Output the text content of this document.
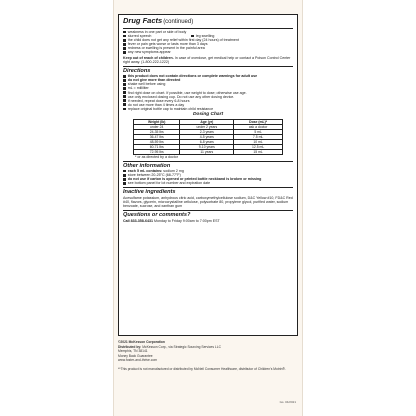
Drug Facts (continued)
weakness in one part or side of body
slurred speech	leg swelling
the child does not get any relief within first day (24 hours) of treatment
fever or pain gets worse or lasts more than 3 days
redness or swelling is present in the painful area
any new symptoms appear
Keep out of reach of children. In case of overdose, get medical help or contact a Poison Control Center right away. (1-800-222-1222)
Directions
this product does not contain directions or complete warnings for adult use
do not give more than directed
shake well before using
mL = milliliter
find right dose on chart. If possible, use weight to dose; otherwise use age.
use only enclosed dosing cup. Do not use any other dosing device.
if needed, repeat dose every 6-8 hours
do not use more than 4 times a day
replace original bottle cap to maintain child resistance
Dosing Chart
Weight (lb)	Age (yr)	Dose (mL)*
under 24	under 2 years	ask a doctor
24-35 lbs	2-3 years	5 mL
36-47 lbs	4-5 years	7.5 mL
48-59 lbs	6-8 years	10 mL
60-71 lbs	9-10 years	12.5 mL
72-95 lbs	11 years	15 mL
* or as directed by a doctor
Other information
each 5 mL contains: sodium 2 mg
store between 20-25°C (68-77°F)
do not use if carton is opened or printed bottle neckband is broken or missing
see bottom panel for lot number and expiration date
Inactive ingredients
Acesulfame potassium, anhydrous citric acid, carboxymethylcellulose sodium, D&C Yellow #10, FD&C Red #40, flavors, glycerin, microcrystalline cellulose, polysorbate 80, propylene glycol, purified water, sodium benzoate, sucrose, and xanthan gum
Questions or comments?
Call 833-358-6431 Monday to Friday 9:00am to 7:00pm EST
©2021 McKesson Corporation
Distributed by: McKesson Corp., via Strategic Sourcing Services LLC
Memphis, TN 38141
Money Back Guarantee
www.foster-and-thrive.com
**This product is not manufactured or distributed by McNeil Consumer Healthcare, distributor of Children's Motrin®.
Iss. 04/2021
